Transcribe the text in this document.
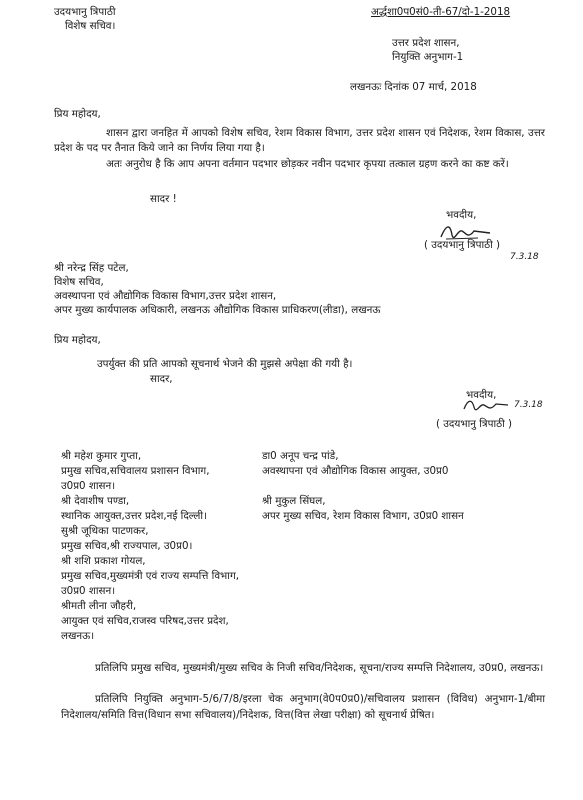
उदयभानु त्रिपाठी
विशेष सचिव।
अर्द्धशा0प0सं0-ती-67/दो-1-2018
उत्तर प्रदेश शासन,
नियुक्ति अनुभाग-1
लखनऊः दिनांक 07 मार्च, 2018
प्रिय महोदय,
शासन द्वारा जनहित में आपको विशेष सचिव, रेशम विकास विभाग, उत्तर प्रदेश शासन एवं निदेशक, रेशम विकास, उत्तर प्रदेश के पद पर तैनात किये जाने का निर्णय लिया गया है।
अतः अनुरोध है कि आप अपना वर्तमान पदभार छोड़कर नवीन पदभार कृपया तत्काल ग्रहण करने का कष्ट करें।
सादर !
भवदीय,
( उदयभानु त्रिपाठी )
7.3.18
श्री नरेन्द्र सिंह पटेल,
विशेष सचिव,
अवस्थापना एवं औद्योगिक विकास विभाग,उत्तर प्रदेश शासन,
अपर मुख्य कार्यपालक अधिकारी, लखनऊ औद्योगिक विकास प्राधिकरण(लीडा), लखनऊ
प्रिय महोदय,
उपर्युक्त की प्रति आपको सूचनार्थ भेजने की मुझसे अपेक्षा की गयी है।
सादर,
भवदीय,
7.3.18
( उदयभानु त्रिपाठी )
श्री महेश कुमार गुप्ता,
प्रमुख सचिव,सचिवालय प्रशासन विभाग,
उ0प्र0 शासन।
श्री देवाशीष पण्डा,
स्थानिक आयुक्त,उत्तर प्रदेश,नई दिल्ली।
सुश्री जूथिका पाटणकर,
प्रमुख सचिव,श्री राज्यपाल, उ0प्र0।
श्री शशि प्रकाश गोयल,
प्रमुख सचिव,मुख्यमंत्री एवं राज्य सम्पत्ति विभाग,
उ0प्र0 शासन।
श्रीमती लीना जौहरी,
आयुक्त एवं सचिव,राजस्व परिषद,उत्तर प्रदेश,
लखनऊ।
डा0 अनूप चन्द्र पांडे,
अवस्थापना एवं औद्योगिक विकास आयुक्त, उ0प्र0
श्री मुकुल सिंघल,
अपर मुख्य सचिव, रेशम विकास विभाग, उ0प्र0 शासन
प्रतिलिपि प्रमुख सचिव, मुख्यमंत्री/मुख्य सचिव के निजी सचिव/निदेशक, सूचना/राज्य सम्पत्ति निदेशालय, उ0प्र0, लखनऊ।
प्रतिलिपि नियुक्ति अनुभाग-5/6/7/8/इरला चेक अनुभाग(वे0प0प्र0)/सचिवालय प्रशासन (विविध) अनुभाग-1/बीमा निदेशालय/समिति वित्त(विधान सभा सचिवालय)/निदेशक, वित्त(वित्त लेखा परीक्षा) को सूचनार्थ प्रेषित।
